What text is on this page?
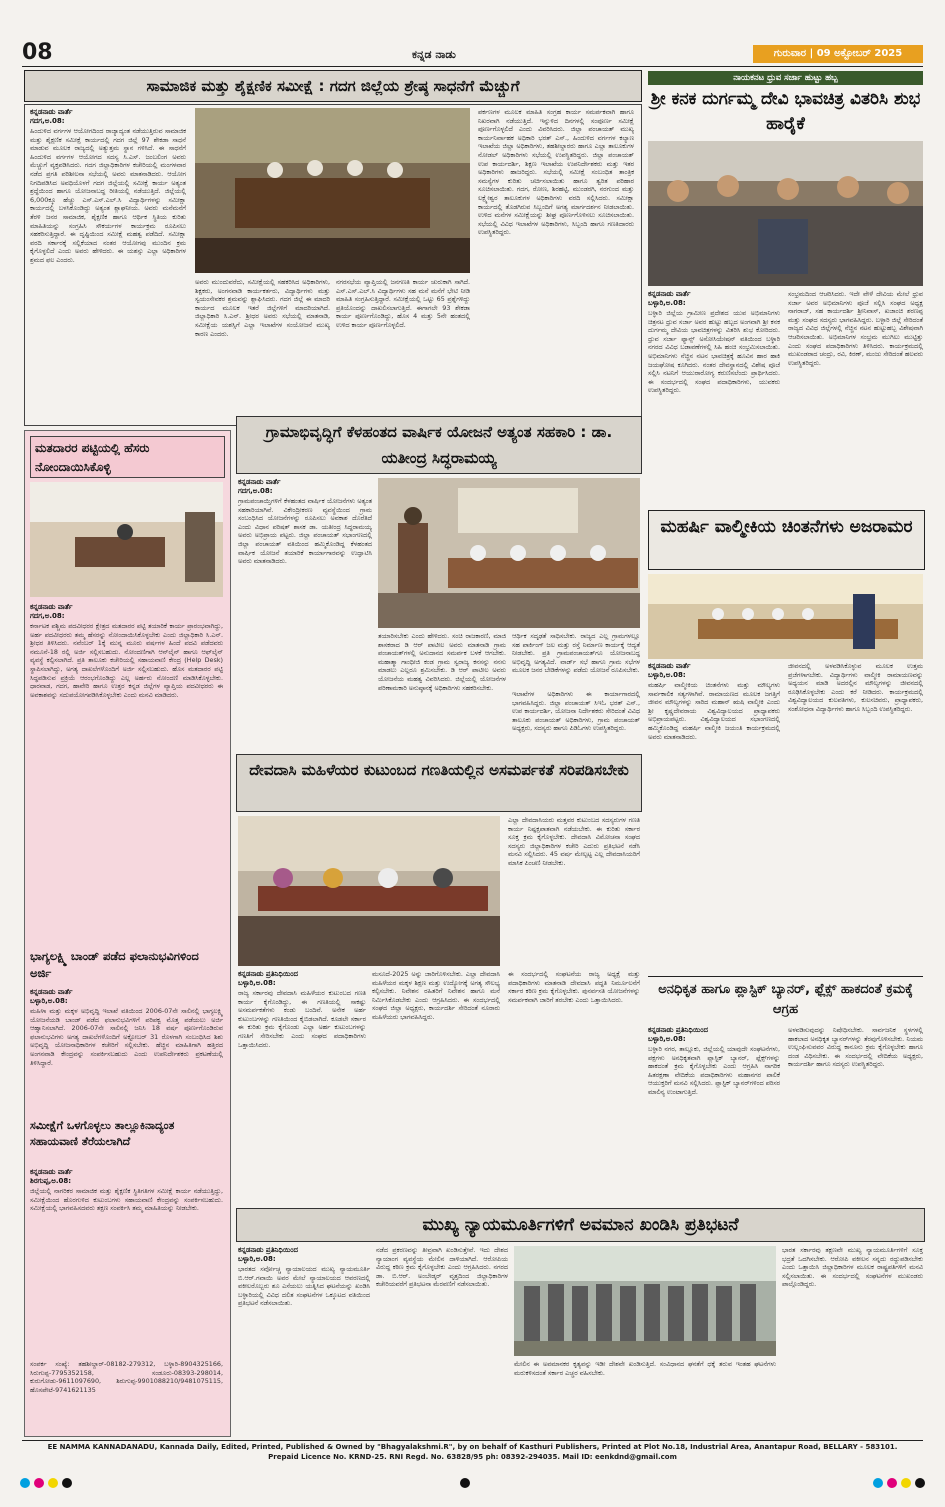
08	ಕನ್ನಡ ನಾಡು	ಗುರುವಾರ | 09 ಅಕ್ಟೋಬರ್ 2025
ಸಾಮಾಜಿಕ ಮತ್ತು ಶೈಕ್ಷಣಿಕ ಸಮೀಕ್ಷೆ : ಗದಗ ಜಿಲ್ಲೆಯ ಶ್ರೇಷ್ಠ ಸಾಧನೆಗೆ ಮೆಚ್ಚುಗೆ
ಕನ್ನಡನಾಡು ವಾರ್ತೆ
ಗದಗ,ಅ.08:
ಹಿಂದುಳಿದ ವರ್ಗಗಳ ಆಯೋಗದಿಂದ ರಾಜ್ಯಾದ್ಯಂತ ನಡೆಯುತ್ತಿರುವ ಸಾಮಾಜಿಕ ಮತ್ತು ಶೈಕ್ಷಣಿಕ ಸಮೀಕ್ಷೆ ಕಾರ್ಯದಲ್ಲಿ ಗದಗ ಜಿಲ್ಲೆ 97 ಶೇಕಡಾ ಸಾಧನೆ ಮಾಡುವ ಮೂಲಕ ರಾಜ್ಯದಲ್ಲಿ ಅತ್ಯುತ್ತಮ ಸ್ಥಾನ ಗಳಿಸಿದೆ. ಈ ಸಾಧನೆಗೆ ಹಿಂದುಳಿದ ವರ್ಗಗಳ ಆಯೋಗದ ಸದಸ್ಯ ಸಿ.ಎಸ್. ಜಂಬಲಿಂಗ ಅವರು ಮೆಚ್ಚುಗೆ ವ್ಯಕ್ತಪಡಿಸಿದರು. ಗದಗ ಜಿಲ್ಲಾಧಿಕಾರಿಗಳ ಕಚೇರಿಯಲ್ಲಿ ಮಂಗಳವಾರ ನಡೆದ ಪ್ರಗತಿ ಪರಿಶೀಲನಾ ಸಭೆಯಲ್ಲಿ ಅವರು ಮಾತನಾಡಿದರು. ಆಯೋಗ ನಿಗದಿಪಡಿಸಿದ ಅವಧಿಯೊಳಗೆ ಗದಗ ಜಿಲ್ಲೆಯಲ್ಲಿ ಸಮೀಕ್ಷೆ ಕಾರ್ಯ ಅತ್ಯಂತ ಶ್ರದ್ಧೆಯಿಂದ ಹಾಗೂ ಯೋಜನಾಬದ್ಧ ರೀತಿಯಲ್ಲಿ ನಡೆಯುತ್ತಿದೆ. ಜಿಲ್ಲೆಯಲ್ಲಿ 6,000ಕ್ಕೂ ಹೆಚ್ಚು ಎಸ್.ಎಸ್.ಎಲ್.ಸಿ ವಿದ್ಯಾರ್ಥಿಗಳನ್ನು ಸಮೀಕ್ಷಾ ಕಾರ್ಯದಲ್ಲಿ ಬಳಸಿಕೊಂಡಿದ್ದು ಅತ್ಯಂತ ಶ್ಲಾಘನೀಯ. ಅವರು ಮನೆಮನೆಗೆ ತೆರಳಿ ಜನರ ಸಾಮಾಜಿಕ, ಶೈಕ್ಷಣಿಕ ಹಾಗೂ ಆರ್ಥಿಕ ಸ್ಥಿತಿಯ ಕುರಿತು ಮಾಹಿತಿಯನ್ನು ಸಂಗ್ರಹಿಸಿ ಸೌಕರ್ಯಗಳ ಕಾರ್ಯಕ್ರಮ ರೂಪಿಸಲು ಸಹಕರಿಸುತ್ತಿದ್ದಾರೆ. ಈ ದೃಷ್ಟಿಯಿಂದ ಸಮೀಕ್ಷೆ ಮಹತ್ವ ಪಡೆದಿದೆ. ಸಮೀಕ್ಷಾ ವರದಿ ಸರ್ಕಾರಕ್ಕೆ ಸಲ್ಲಿಕೆಯಾದ ನಂತರ ಆಯೋಗವು ಮುಂದಿನ ಕ್ರಮ ಕೈಗೊಳ್ಳಲಿದೆ ಎಂದು ಅವರು ಹೇಳಿದರು. ಈ ಯಶಸ್ಸು ಎಲ್ಲಾ ಅಧಿಕಾರಿಗಳ ಶ್ರಮದ ಫಲ ಎಂದರು.
ಅವರು ಮುಂದುವರೆದು, ಸಮೀಕ್ಷೆಯಲ್ಲಿ ಸಹಕರಿಸಿದ ಅಧಿಕಾರಿಗಳು, ಶಿಕ್ಷಕರು, ಅಂಗನವಾಡಿ ಕಾರ್ಯಕರ್ತರು, ವಿದ್ಯಾರ್ಥಿಗಳು ಮತ್ತು ಸ್ವಯಂಸೇವಕರ ಶ್ರಮವನ್ನು ಶ್ಲಾಘಿಸಿದರು. ಗದಗ ಜಿಲ್ಲೆ ಈ ಮಾದರಿ ಕಾರ್ಯದ ಮೂಲಕ ಇತರೆ ಜಿಲ್ಲೆಗಳಿಗೆ ಮಾದರಿಯಾಗಿದೆ. ಜಿಲ್ಲಾಧಿಕಾರಿ ಸಿ.ಎನ್. ಶ್ರೀಧರ ಅವರು ಸಭೆಯಲ್ಲಿ ಮಾತನಾಡಿ, ಸಮೀಕ್ಷೆಯ ಯಶಸ್ಸಿಗೆ ಎಲ್ಲಾ ಇಲಾಖೆಗಳ ಸಂಯೋಜನೆ ಮುಖ್ಯ ಕಾರಣ ಎಂದರು.
ನಗರಸಭೆಯ ವ್ಯಾಪ್ತಿಯಲ್ಲಿ ಜನಗಣತಿ ಕಾರ್ಯ ಚುರುಕಾಗಿ ಸಾಗಿದೆ. ಎಸ್.ಎಸ್.ಎಲ್.ಸಿ ವಿದ್ಯಾರ್ಥಿಗಳು ಸಹ ಮನೆ ಮನೆಗೆ ಭೇಟಿ ನೀಡಿ ಮಾಹಿತಿ ಸಂಗ್ರಹಿಸುತ್ತಿದ್ದಾರೆ. ಸಮೀಕ್ಷೆಯಲ್ಲಿ ಒಟ್ಟು 65 ಪ್ರಶ್ನೆಗಳಿದ್ದು ಪ್ರತಿಯೊಂದನ್ನು ದಾಖಲಿಸಲಾಗುತ್ತಿದೆ. ಈಗಾಗಲೇ 93 ಶೇಕಡಾ ಕಾರ್ಯ ಪೂರ್ಣಗೊಂಡಿದ್ದು, ಹೊಸ 4 ಮತ್ತು 5ನೇ ಹಂತದಲ್ಲಿ ಉಳಿದ ಕಾರ್ಯ ಪೂರ್ಣಗೊಳ್ಳಲಿದೆ.
ಪರ್ಕಣಗಳ ಮೂಲಕ ಮಾಹಿತಿ ಸಂಗ್ರಹ ಕಾರ್ಯ ಸಮರ್ಪಕವಾಗಿ ಹಾಗೂ ನಿಖರವಾಗಿ ನಡೆಯುತ್ತಿದೆ. ಇನ್ನುಳಿದ ದಿನಗಳಲ್ಲಿ ಸಂಪೂರ್ಣ ಸಮೀಕ್ಷೆ ಪೂರ್ಣಗೊಳ್ಳಲಿದೆ ಎಂದು ವಿವರಿಸಿದರು. ಜಿಲ್ಲಾ ಪಂಚಾಯತ್ ಮುಖ್ಯ ಕಾರ್ಯನಿರ್ವಾಹಕ ಅಧಿಕಾರಿ ಭರತ್ ಎಸ್., ಹಿಂದುಳಿದ ವರ್ಗಗಳ ಕಲ್ಯಾಣ ಇಲಾಖೆಯ ಜಿಲ್ಲಾ ಅಧಿಕಾರಿಗಳು, ತಹಶೀಲ್ದಾರರು ಹಾಗೂ ಎಲ್ಲಾ ತಾಲೂಕುಗಳ ನೋಡಲ್ ಅಧಿಕಾರಿಗಳು ಸಭೆಯಲ್ಲಿ ಉಪಸ್ಥಿತರಿದ್ದರು. ಜಿಲ್ಲಾ ಪಂಚಾಯತ್ ಉಪ ಕಾರ್ಯದರ್ಶಿ, ಶಿಕ್ಷಣ ಇಲಾಖೆಯ ಉಪನಿರ್ದೇಶಕರು ಮತ್ತು ಇತರ ಅಧಿಕಾರಿಗಳು ಹಾಜರಿದ್ದರು. ಸಭೆಯಲ್ಲಿ ಸಮೀಕ್ಷೆ ಸಂಬಂಧಿತ ತಾಂತ್ರಿಕ ಸಮಸ್ಯೆಗಳ ಕುರಿತು ಚರ್ಚಿಸಲಾಯಿತು ಹಾಗೂ ತ್ವರಿತ ಪರಿಹಾರ ಸೂಚಿಸಲಾಯಿತು. ಗದಗ, ರೋಣ, ಶಿರಹಟ್ಟಿ, ಮುಂಡರಗಿ, ನರಗುಂದ ಮತ್ತು ಲಕ್ಷ್ಮೇಶ್ವರ ತಾಲೂಕುಗಳ ಅಧಿಕಾರಿಗಳು ವರದಿ ಸಲ್ಲಿಸಿದರು. ಸಮೀಕ್ಷಾ ಕಾರ್ಯದಲ್ಲಿ ತೊಡಗಿರುವ ಸಿಬ್ಬಂದಿಗೆ ಅಗತ್ಯ ಮಾರ್ಗದರ್ಶನ ನೀಡಲಾಯಿತು. ಉಳಿದ ಮನೆಗಳ ಸಮೀಕ್ಷೆಯನ್ನು ಶೀಘ್ರ ಪೂರ್ಣಗೊಳಿಸಲು ಸೂಚಿಸಲಾಯಿತು. ಸಭೆಯಲ್ಲಿ ವಿವಿಧ ಇಲಾಖೆಗಳ ಅಧಿಕಾರಿಗಳು, ಸಿಬ್ಬಂದಿ ಹಾಗೂ ಗಣತಿದಾರರು ಉಪಸ್ಥಿತರಿದ್ದರು.
ನಾಯಕನಟ ಧ್ರುವ ಸರ್ಜಾ ಹುಟ್ಟು ಹಬ್ಬ
ಶ್ರೀ ಕನಕ ದುರ್ಗಮ್ಮ ದೇವಿ ಭಾವಚಿತ್ರ ವಿತರಿಸಿ ಶುಭ ಹಾರೈಕೆ
ಕನ್ನಡನಾಡು ವಾರ್ತೆ
ಬಳ್ಳಾರಿ,ಅ.08:
ಬಳ್ಳಾರಿ ಜಿಲ್ಲೆಯ ಗ್ರಾಮೀಣ ಪ್ರದೇಶದ ಯುವ ಅಭಿಮಾನಿಗಳು ಚಿತ್ರನಟ ಧ್ರುವ ಸರ್ಜಾ ಅವರ ಹುಟ್ಟು ಹಬ್ಬದ ಅಂಗವಾಗಿ ಶ್ರೀ ಕನಕ ದುರ್ಗಮ್ಮ ದೇವಿಯ ಭಾವಚಿತ್ರಗಳನ್ನು ವಿತರಿಸಿ ಶುಭ ಕೋರಿದರು. ಧ್ರುವ ಸರ್ಜಾ ಫ್ಯಾನ್ಸ್ ಅಸೋಸಿಯೇಷನ್ ವತಿಯಿಂದ ಬಳ್ಳಾರಿ ನಗರದ ವಿವಿಧ ಬಡಾವಣೆಗಳಲ್ಲಿ ಸಿಹಿ ಹಂಚಿ ಸಂಭ್ರಮಿಸಲಾಯಿತು. ಅಭಿಮಾನಿಗಳು ನೆಚ್ಚಿನ ನಟನ ಭಾವಚಿತ್ರಕ್ಕೆ ಹೂವಿನ ಹಾರ ಹಾಕಿ ಜಯಘೋಷ ಕೂಗಿದರು. ನಂತರ ದೇವಸ್ಥಾನದಲ್ಲಿ ವಿಶೇಷ ಪೂಜೆ ಸಲ್ಲಿಸಿ ನಟನಿಗೆ ಆಯುರಾರೋಗ್ಯ ಕರುಣಿಸಲೆಂದು ಪ್ರಾರ್ಥಿಸಿದರು. ಈ ಸಂದರ್ಭದಲ್ಲಿ ಸಂಘದ ಪದಾಧಿಕಾರಿಗಳು, ಯುವಕರು ಉಪಸ್ಥಿತರಿದ್ದರು.
ಸಂಭ್ರಮದಿಂದ ಆಚರಿಸಿದರು. ಇದೇ ವೇಳೆ ದೇವಿಯ ಮೇಲೆ ಧ್ರುವ ಸರ್ಜಾ ಅವರ ಅಭಿಮಾನಿಗಳು ಪೂಜೆ ಸಲ್ಲಿಸಿ ಸಂಘದ ಅಧ್ಯಕ್ಷ ನಾಗರಾಜ್, ಸಹ ಕಾರ್ಯದರ್ಶಿ ಶ್ರೀನಿವಾಸ್, ಖಜಾಂಚಿ ಶರಣಪ್ಪ ಮತ್ತು ಸಂಘದ ಸದಸ್ಯರು ಭಾಗವಹಿಸಿದ್ದರು. ಬಳ್ಳಾರಿ ಜಿಲ್ಲೆ ಸೇರಿದಂತೆ ರಾಜ್ಯದ ವಿವಿಧ ಜಿಲ್ಲೆಗಳಲ್ಲಿ ನೆಚ್ಚಿನ ನಟನ ಹುಟ್ಟುಹಬ್ಬ ವಿಶೇಷವಾಗಿ ಆಚರಿಸಲಾಯಿತು. ಅಭಿಮಾನಿಗಳ ಸಂಭ್ರಮ ಮುಗಿಲು ಮುಟ್ಟಿತ್ತು ಎಂದು ಸಂಘದ ಪದಾಧಿಕಾರಿಗಳು ತಿಳಿಸಿದರು. ಕಾರ್ಯಕ್ರಮದಲ್ಲಿ ಮುಖಂಡರಾದ ಚಂದ್ರು, ರವಿ, ಕಿರಣ್, ಮಂಜು ಸೇರಿದಂತೆ ಹಲವರು ಉಪಸ್ಥಿತರಿದ್ದರು.
ಮತದಾರರ ಪಟ್ಟಿಯಲ್ಲಿ ಹೆಸರು ನೋಂದಾಯಿಸಿಕೊಳ್ಳಿ
ಕನ್ನಡನಾಡು ವಾರ್ತೆ
ಗದಗ,ಅ.08:
ಕರ್ನಾಟಕ ಪಶ್ಚಿಮ ಪದವೀಧರರ ಕ್ಷೇತ್ರದ ಮತದಾರರ ಪಟ್ಟಿ ತಯಾರಿಕೆ ಕಾರ್ಯ ಪ್ರಾರಂಭವಾಗಿದ್ದು, ಅರ್ಹ ಪದವೀಧರರು ತಮ್ಮ ಹೆಸರನ್ನು ನೋಂದಾಯಿಸಿಕೊಳ್ಳಬೇಕು ಎಂದು ಜಿಲ್ಲಾಧಿಕಾರಿ ಸಿ.ಎನ್. ಶ್ರೀಧರ ತಿಳಿಸಿದರು. ನವೆಂಬರ್ 1ಕ್ಕೆ ಮುನ್ನ ಮೂರು ವರ್ಷಗಳ ಹಿಂದೆ ಪದವಿ ಪಡೆದವರು ನಮೂನೆ-18 ರಲ್ಲಿ ಅರ್ಜಿ ಸಲ್ಲಿಸಬಹುದು. ನೋಂದಣಿಗಾಗಿ ಆನ್‌ಲೈನ್ ಹಾಗೂ ಆಫ್‌ಲೈನ್ ವ್ಯವಸ್ಥೆ ಕಲ್ಪಿಸಲಾಗಿದೆ. ಪ್ರತಿ ತಾಲೂಕು ಕಚೇರಿಯಲ್ಲಿ ಸಹಾಯವಾಣಿ ಕೇಂದ್ರ (Help Desk) ಸ್ಥಾಪಿಸಲಾಗಿದ್ದು, ಅಗತ್ಯ ದಾಖಲೆಗಳೊಂದಿಗೆ ಅರ್ಜಿ ಸಲ್ಲಿಸಬಹುದು. ಹೊಸ ಮತದಾರರ ಪಟ್ಟಿ ಸಿದ್ಧಪಡಿಸುವ ಪ್ರಕ್ರಿಯೆ ಆರಂಭಗೊಂಡಿದ್ದು ಎಲ್ಲ ಅರ್ಹರು ನೋಂದಣಿ ಮಾಡಿಸಿಕೊಳ್ಳಬೇಕು. ಧಾರವಾಡ, ಗದಗ, ಹಾವೇರಿ ಹಾಗೂ ಉತ್ತರ ಕನ್ನಡ ಜಿಲ್ಲೆಗಳ ವ್ಯಾಪ್ತಿಯ ಪದವೀಧರರು ಈ ಅವಕಾಶವನ್ನು ಸದುಪಯೋಗಪಡಿಸಿಕೊಳ್ಳಬೇಕು ಎಂದು ಮನವಿ ಮಾಡಿದರು.
ಭಾಗ್ಯಲಕ್ಷ್ಮಿ ಬಾಂಡ್ ಪಡೆದ ಫಲಾನುಭವಿಗಳಿಂದ ಅರ್ಜಿ
ಕನ್ನಡನಾಡು ವಾರ್ತೆ
ಬಳ್ಳಾರಿ,ಅ.08:
ಮಹಿಳಾ ಮತ್ತು ಮಕ್ಕಳ ಅಭಿವೃದ್ಧಿ ಇಲಾಖೆ ವತಿಯಿಂದ 2006-07ನೇ ಸಾಲಿನಲ್ಲಿ ಭಾಗ್ಯಲಕ್ಷ್ಮಿ ಯೋಜನೆಯಡಿ ಬಾಂಡ್ ಪಡೆದ ಫಲಾನುಭವಿಗಳಿಗೆ ಪರಿಪಕ್ವ ಮೊತ್ತ ಪಡೆಯಲು ಅರ್ಜಿ ಆಹ್ವಾನಿಸಲಾಗಿದೆ. 2006-07ನೇ ಸಾಲಿನಲ್ಲಿ ಜನಿಸಿ 18 ವರ್ಷ ಪೂರ್ಣಗೊಂಡಿರುವ ಫಲಾನುಭವಿಗಳು ಅಗತ್ಯ ದಾಖಲೆಗಳೊಂದಿಗೆ ಅಕ್ಟೋಬರ್ 31 ರೊಳಗಾಗಿ ಸಂಬಂಧಿಸಿದ ಶಿಶು ಅಭಿವೃದ್ಧಿ ಯೋಜನಾಧಿಕಾರಿಗಳ ಕಚೇರಿಗೆ ಸಲ್ಲಿಸಬೇಕು. ಹೆಚ್ಚಿನ ಮಾಹಿತಿಗಾಗಿ ಹತ್ತಿರದ ಅಂಗನವಾಡಿ ಕೇಂದ್ರವನ್ನು ಸಂಪರ್ಕಿಸಬಹುದು ಎಂದು ಉಪನಿರ್ದೇಶಕರು ಪ್ರಕಟಣೆಯಲ್ಲಿ ತಿಳಿಸಿದ್ದಾರೆ.
ಸಮೀಕ್ಷೆಗೆ ಒಳಗೊಳ್ಳಲು ತಾಲ್ಲೂಕಿನಾದ್ಯಂತ ಸಹಾಯವಾಣಿ ತೆರೆಯಲಾಗಿದೆ
ಕನ್ನಡನಾಡು ವಾರ್ತೆ
ಶಿರಗುಪ್ಪ,ಅ.08:
ಜಿಲ್ಲೆಯಲ್ಲಿ ನಾಗರಿಕರ ಸಾಮಾಜಿಕ ಮತ್ತು ಶೈಕ್ಷಣಿಕ ಸ್ಥಿತಿಗತಿಗಳ ಸಮೀಕ್ಷೆ ಕಾರ್ಯ ನಡೆಯುತ್ತಿದ್ದು, ಸಮೀಕ್ಷೆಯಿಂದ ಹೊರಗುಳಿದ ಕುಟುಂಬಗಳು ಸಹಾಯವಾಣಿ ಕೇಂದ್ರವನ್ನು ಸಂಪರ್ಕಿಸಬಹುದು. ಸಮೀಕ್ಷೆಯಲ್ಲಿ ಭಾಗವಹಿಸದವರು ತಕ್ಷಣ ಸಂಪರ್ಕಿಸಿ ತಮ್ಮ ಮಾಹಿತಿಯನ್ನು ನೀಡಬೇಕು.
ಸಂಪರ್ಕ ಸಂಖ್ಯೆ: ತಹಶೀಲ್ದಾರ್-08182-279312, ಬಳ್ಳಾರಿ-8904325166, ಸಿರುಗುಪ್ಪ-7795352158, ಸಂಡೂರು-08393-298014, ಕುರುಗೋಡು-9611097690, ಶಿರುಗುಪ್ಪ-9901088210/9481075115, ಹೊಸಪೇಟೆ-9741621135
ಗ್ರಾಮಾಭಿವೃದ್ಧಿಗೆ ಕೆಳಹಂತದ ವಾರ್ಷಿಕ ಯೋಜನೆ ಅತ್ಯಂತ ಸಹಕಾರಿ : ಡಾ. ಯತೀಂದ್ರ ಸಿದ್ಧರಾಮಯ್ಯ
ಕನ್ನಡನಾಡು ವಾರ್ತೆ
ಗದಗ,ಅ.08:
ಗ್ರಾಮಪಂಚಾಯ್ತಿಗಳಿಗೆ ಕೆಳಹಂತದ ವಾರ್ಷಿಕ ಯೋಜನೆಗಳು ಅತ್ಯಂತ ಸಹಕಾರಿಯಾಗಿವೆ. ವಿಕೇಂದ್ರೀಕರಣ ವ್ಯವಸ್ಥೆಯಿಂದ ಗ್ರಾಮ ಸಂಬಂಧಿಸಿದ ಯೋಜನೆಗಳನ್ನು ರೂಪಿಸಲು ಅವಕಾಶ ದೊರೆತಿದೆ ಎಂದು ವಿಧಾನ ಪರಿಷತ್ ಶಾಸಕ ಡಾ. ಯತೀಂದ್ರ ಸಿದ್ಧರಾಮಯ್ಯ ಅವರು ಅಭಿಪ್ರಾಯ ಪಟ್ಟರು. ಜಿಲ್ಲಾ ಪಂಚಾಯತ್ ಸಭಾಂಗಣದಲ್ಲಿ ಜಿಲ್ಲಾ ಪಂಚಾಯತ್ ವತಿಯಿಂದ ಹಮ್ಮಿಕೊಂಡಿದ್ದ ಕೆಳಹಂತದ ವಾರ್ಷಿಕ ಯೋಜನೆ ತಯಾರಿಕೆ ಕಾರ್ಯಾಗಾರವನ್ನು ಉದ್ಘಾಟಿಸಿ ಅವರು ಮಾತನಾಡಿದರು.
ತಯಾರಿಸಬೇಕು ಎಂದು ಹೇಳಿದರು. ಸಂಚಿ ರಾಜಕಾರಣಿ, ಮಾಜಿ ಶಾಸಕರಾದ ಡಿ ಆರ್ ಪಾಟೀಲ ಅವರು ಮಾತನಾಡಿ ಗ್ರಾಮ ಪಂಚಾಯತ್‌ಗಳಲ್ಲಿ ಅನುದಾನದ ಸಮರ್ಪಕ ಬಳಕೆ ಆಗಬೇಕು. ಮಹಾತ್ಮಾ ಗಾಂಧೀಜಿ ಕಂಡ ಗ್ರಾಮ ಸ್ವರಾಜ್ಯ ಕನಸನ್ನು ನನಸು ಮಾಡಲು ಎಲ್ಲರೂ ಶ್ರಮಿಸಬೇಕು. ಡಿ ಆರ್ ಪಾಟೀಲ ಅವರು ಯೋಜನೆಯ ಮಹತ್ವ ವಿವರಿಸಿದರು. ಜಿಲ್ಲೆಯಲ್ಲಿ ಯೋಜನೆಗಳ ಪರಿಣಾಮಕಾರಿ ಅನುಷ್ಠಾನಕ್ಕೆ ಅಧಿಕಾರಿಗಳು ಸಹಕರಿಸಬೇಕು.
ಆರ್ಥಿಕ ಸದೃಢತೆ ಸಾಧಿಸಬೇಕು. ರಾಜ್ಯದ ಎಲ್ಲ ಗ್ರಾಮಗಳಲ್ಲೂ ಸಹ ಪಾರ್ಕಿಂಗ್ ಜಲ ಮತ್ತು ರಸ್ತೆ ನಿರ್ಮಾಣ ಕಾರ್ಯಕ್ಕೆ ಆದ್ಯತೆ ನೀಡಬೇಕು. ಪ್ರತಿ ಗ್ರಾಮಪಂಚಾಯತ್‌ಗೂ ಯೋಜನಾಬದ್ಧ ಅಭಿವೃದ್ಧಿ ಅಗತ್ಯವಿದೆ. ವಾರ್ಡ್ ಸಭೆ ಹಾಗೂ ಗ್ರಾಮ ಸಭೆಗಳ ಮೂಲಕ ಜನರ ಬೇಡಿಕೆಗಳನ್ನು ಪಡೆದು ಯೋಜನೆ ರೂಪಿಸಬೇಕು.
ಇಲಾಖೆಗಳ ಅಧಿಕಾರಿಗಳು ಈ ಕಾರ್ಯಾಗಾರದಲ್ಲಿ ಭಾಗವಹಿಸಿದ್ದರು. ಜಿಲ್ಲಾ ಪಂಚಾಯತ್ ಸಿಇಓ ಭರತ್ ಎಸ್., ಉಪ ಕಾರ್ಯದರ್ಶಿ, ಯೋಜನಾ ನಿರ್ದೇಶಕರು ಸೇರಿದಂತೆ ವಿವಿಧ ತಾಲೂಕು ಪಂಚಾಯತ್ ಅಧಿಕಾರಿಗಳು, ಗ್ರಾಮ ಪಂಚಾಯತ್ ಅಧ್ಯಕ್ಷರು, ಸದಸ್ಯರು ಹಾಗೂ ಪಿಡಿಓಗಳು ಉಪಸ್ಥಿತರಿದ್ದರು.
ಮಹರ್ಷಿ ವಾಲ್ಮೀಕಿಯ ಚಿಂತನೆಗಳು ಅಜರಾಮರ
ಕನ್ನಡನಾಡು ವಾರ್ತೆ
ಬಳ್ಳಾರಿ,ಅ.08:
ಮಹರ್ಷಿ ವಾಲ್ಮೀಕಿಯ ಚಿಂತನೆಗಳು ಮತ್ತು ಮೌಲ್ಯಗಳು ಸಾರ್ವಕಾಲಿಕ ಸತ್ಯಗಳಾಗಿವೆ. ರಾಮಾಯಣದ ಮೂಲಕ ಜಗತ್ತಿಗೆ ಜೀವನ ಮೌಲ್ಯಗಳನ್ನು ಸಾರಿದ ಮಹಾನ್ ಋಷಿ ವಾಲ್ಮೀಕಿ ಎಂದು ಶ್ರೀ ಕೃಷ್ಣದೇವರಾಯ ವಿಶ್ವವಿದ್ಯಾಲಯದ ಪ್ರಾಧ್ಯಾಪಕರು ಅಭಿಪ್ರಾಯಪಟ್ಟರು. ವಿಶ್ವವಿದ್ಯಾಲಯದ ಸಭಾಂಗಣದಲ್ಲಿ ಹಮ್ಮಿಕೊಂಡಿದ್ದ ಮಹರ್ಷಿ ವಾಲ್ಮೀಕಿ ಜಯಂತಿ ಕಾರ್ಯಕ್ರಮದಲ್ಲಿ ಅವರು ಮಾತನಾಡಿದರು.
ಜೀವನದಲ್ಲಿ ಅಳವಡಿಸಿಕೊಳ್ಳುವ ಮೂಲಕ ಉತ್ತಮ ಪ್ರಜೆಗಳಾಗಬೇಕು. ವಿದ್ಯಾರ್ಥಿಗಳು ವಾಲ್ಮೀಕಿ ರಾಮಾಯಣವನ್ನು ಅಧ್ಯಯನ ಮಾಡಿ ಅದರಲ್ಲಿನ ಮೌಲ್ಯಗಳನ್ನು ಜೀವನದಲ್ಲಿ ರೂಢಿಸಿಕೊಳ್ಳಬೇಕು ಎಂದು ಕರೆ ನೀಡಿದರು. ಕಾರ್ಯಕ್ರಮದಲ್ಲಿ ವಿಶ್ವವಿದ್ಯಾಲಯದ ಕುಲಪತಿಗಳು, ಕುಲಸಚಿವರು, ಪ್ರಾಧ್ಯಾಪಕರು, ಸಂಶೋಧನಾ ವಿದ್ಯಾರ್ಥಿಗಳು ಹಾಗೂ ಸಿಬ್ಬಂದಿ ಉಪಸ್ಥಿತರಿದ್ದರು.
ದೇವದಾಸಿ ಮಹಿಳೆಯರ ಕುಟುಂಬದ ಗಣತಿಯಲ್ಲಿನ ಅಸಮರ್ಪಕತೆ ಸರಿಪಡಿಸಬೇಕು
ಎಲ್ಲಾ ದೇವದಾಸಿಯರು ಮತ್ತವರ ಕುಟುಂಬದ ಸದಸ್ಯರುಗಳ ಗಣತಿ ಕಾರ್ಯ ನಿಷ್ಪಕ್ಷಪಾತವಾಗಿ ನಡೆಯಬೇಕು. ಈ ಕುರಿತು ಸರ್ಕಾರ ಸೂಕ್ತ ಕ್ರಮ ಕೈಗೊಳ್ಳಬೇಕು. ದೇವದಾಸಿ ವಿಮೋಚನಾ ಸಂಘದ ಸದಸ್ಯರು ಜಿಲ್ಲಾಧಿಕಾರಿಗಳ ಕಚೇರಿ ಎದುರು ಪ್ರತಿಭಟನೆ ನಡೆಸಿ ಮನವಿ ಸಲ್ಲಿಸಿದರು. 45 ವರ್ಷ ಮೇಲ್ಪಟ್ಟ ಎಲ್ಲ ದೇವದಾಸಿಯರಿಗೆ ಮಾಸಿಕ ಪಿಂಚಣಿ ನೀಡಬೇಕು.
ಕನ್ನಡನಾಡು ಪ್ರತಿನಿಧಿಯಿಂದ
ಬಳ್ಳಾರಿ,ಅ.08:
ರಾಜ್ಯ ಸರ್ಕಾರವು ದೇವದಾಸಿ ಮಹಿಳೆಯರ ಕುಟುಂಬದ ಗಣತಿ ಕಾರ್ಯ ಕೈಗೊಂಡಿದ್ದು, ಈ ಗಣತಿಯಲ್ಲಿ ಸಾಕಷ್ಟು ಅಸಮರ್ಪಕತೆಗಳು ಕಂಡು ಬಂದಿವೆ. ಅನೇಕ ಅರ್ಹ ಕುಟುಂಬಗಳನ್ನು ಗಣತಿಯಿಂದ ಕೈಬಿಡಲಾಗಿದೆ. ಕೂಡಲೇ ಸರ್ಕಾರ ಈ ಕುರಿತು ಕ್ರಮ ಕೈಗೊಂಡು ಎಲ್ಲಾ ಅರ್ಹ ಕುಟುಂಬಗಳನ್ನು ಗಣತಿಗೆ ಸೇರಿಸಬೇಕು ಎಂದು ಸಂಘದ ಪದಾಧಿಕಾರಿಗಳು ಒತ್ತಾಯಿಸಿದರು.
ಮಸೂದೆ-2025 ಅನ್ನು ಜಾರಿಗೊಳಿಸಬೇಕು. ಎಲ್ಲಾ ದೇವದಾಸಿ ಮಹಿಳೆಯರ ಮಕ್ಕಳ ಶಿಕ್ಷಣ ಮತ್ತು ಉದ್ಯೋಗಕ್ಕೆ ಅಗತ್ಯ ಸೌಲಭ್ಯ ಕಲ್ಪಿಸಬೇಕು. ನಿವೇಶನ ರಹಿತರಿಗೆ ನಿವೇಶನ ಹಾಗೂ ಮನೆ ನಿರ್ಮಿಸಿಕೊಡಬೇಕು ಎಂದು ಆಗ್ರಹಿಸಿದರು. ಈ ಸಂದರ್ಭದಲ್ಲಿ ಸಂಘದ ಜಿಲ್ಲಾ ಅಧ್ಯಕ್ಷರು, ಕಾರ್ಯದರ್ಶಿ ಸೇರಿದಂತೆ ನೂರಾರು ಮಹಿಳೆಯರು ಭಾಗವಹಿಸಿದ್ದರು.
ಈ ಸಂದರ್ಭದಲ್ಲಿ ಸಂಘಟನೆಯ ರಾಜ್ಯ ಅಧ್ಯಕ್ಷೆ ಮತ್ತು ಪದಾಧಿಕಾರಿಗಳು ಮಾತನಾಡಿ ದೇವದಾಸಿ ಪದ್ಧತಿ ನಿರ್ಮೂಲನೆಗೆ ಸರ್ಕಾರ ಕಠಿಣ ಕ್ರಮ ಕೈಗೊಳ್ಳಬೇಕು. ಪುನರ್ವಸತಿ ಯೋಜನೆಗಳನ್ನು ಸಮರ್ಪಕವಾಗಿ ಜಾರಿಗೆ ತರಬೇಕು ಎಂದು ಒತ್ತಾಯಿಸಿದರು.
ಅನಧಿಕೃತ ಹಾಗೂ ಪ್ಲಾಸ್ಟಿಕ್ ಬ್ಯಾನರ್, ಫ್ಲೆಕ್ಸ್ ಹಾಕದಂತೆ ಕ್ರಮಕ್ಕೆ ಆಗ್ರಹ
ಕನ್ನಡನಾಡು ಪ್ರತಿನಿಧಿಯಿಂದ
ಬಳ್ಳಾರಿ,ಅ.08:
ಬಳ್ಳಾರಿ ನಗರ, ತಾಲ್ಲೂಕು, ಜಿಲ್ಲೆಯಲ್ಲಿ ಯಾವುದೇ ಸಂಘಟನೆಗಳು, ಪಕ್ಷಗಳು ಅನಧಿಕೃತವಾಗಿ ಪ್ಲಾಸ್ಟಿಕ್ ಬ್ಯಾನರ್, ಫ್ಲೆಕ್ಸ್‌ಗಳನ್ನು ಹಾಕದಂತೆ ಕ್ರಮ ಕೈಗೊಳ್ಳಬೇಕು ಎಂದು ಆಗ್ರಹಿಸಿ ನಾಗರಿಕ ಹಿತರಕ್ಷಣಾ ವೇದಿಕೆಯ ಪದಾಧಿಕಾರಿಗಳು ಮಹಾನಗರ ಪಾಲಿಕೆ ಆಯುಕ್ತರಿಗೆ ಮನವಿ ಸಲ್ಲಿಸಿದರು. ಪ್ಲಾಸ್ಟಿಕ್ ಬ್ಯಾನರ್‌ಗಳಿಂದ ಪರಿಸರ ಮಾಲಿನ್ಯ ಉಂಟಾಗುತ್ತಿದೆ.
ಅಳವಡಿಸುವುದನ್ನು ನಿಷೇಧಿಸಬೇಕು. ಸಾರ್ವಜನಿಕ ಸ್ಥಳಗಳಲ್ಲಿ ಹಾಕಲಾದ ಅನಧಿಕೃತ ಬ್ಯಾನರ್‌ಗಳನ್ನು ತೆರವುಗೊಳಿಸಬೇಕು. ನಿಯಮ ಉಲ್ಲಂಘಿಸುವವರ ವಿರುದ್ಧ ಕಾನೂನು ಕ್ರಮ ಕೈಗೊಳ್ಳಬೇಕು ಹಾಗೂ ದಂಡ ವಿಧಿಸಬೇಕು. ಈ ಸಂದರ್ಭದಲ್ಲಿ ವೇದಿಕೆಯ ಅಧ್ಯಕ್ಷರು, ಕಾರ್ಯದರ್ಶಿ ಹಾಗೂ ಸದಸ್ಯರು ಉಪಸ್ಥಿತರಿದ್ದರು.
ಮುಖ್ಯ ನ್ಯಾಯಮೂರ್ತಿಗಳಿಗೆ ಅವಮಾನ ಖಂಡಿಸಿ ಪ್ರತಿಭಟನೆ
ಕನ್ನಡನಾಡು ಪ್ರತಿನಿಧಿಯಿಂದ
ಬಳ್ಳಾರಿ,ಅ.08:
ಭಾರತದ ಸರ್ವೋಚ್ಚ ನ್ಯಾಯಾಲಯದ ಮುಖ್ಯ ನ್ಯಾಯಮೂರ್ತಿ ಬಿ.ಆರ್.ಗವಾಯಿ ಅವರ ಮೇಲೆ ನ್ಯಾಯಾಲಯದ ಆವರಣದಲ್ಲಿ ವಕೀಲರೊಬ್ಬರು ಶೂ ಎಸೆಯಲು ಯತ್ನಿಸಿದ ಘಟನೆಯನ್ನು ಖಂಡಿಸಿ ಬಳ್ಳಾರಿಯಲ್ಲಿ ವಿವಿಧ ದಲಿತ ಸಂಘಟನೆಗಳ ಒಕ್ಕೂಟದ ವತಿಯಿಂದ ಪ್ರತಿಭಟನೆ ನಡೆಸಲಾಯಿತು.
ನಡೆದ ಪ್ರಕರಣವನ್ನು ತೀವ್ರವಾಗಿ ಖಂಡಿಸುತ್ತೇವೆ. ಇದು ದೇಶದ ನ್ಯಾಯಾಂಗ ವ್ಯವಸ್ಥೆಯ ಮೇಲಿನ ದಾಳಿಯಾಗಿದೆ. ಆರೋಪಿಯ ವಿರುದ್ಧ ಕಠಿಣ ಕ್ರಮ ಕೈಗೊಳ್ಳಬೇಕು ಎಂದು ಆಗ್ರಹಿಸಿದರು. ನಗರದ ಡಾ. ಬಿ.ಆರ್. ಅಂಬೇಡ್ಕರ್ ವೃತ್ತದಿಂದ ಜಿಲ್ಲಾಧಿಕಾರಿಗಳ ಕಚೇರಿಯವರೆಗೆ ಪ್ರತಿಭಟನಾ ಮೆರವಣಿಗೆ ನಡೆಸಲಾಯಿತು.
ಮೇಲಿನ ಈ ಅವಮಾನಕರ ಕೃತ್ಯವನ್ನು ಇಡೀ ದೇಶವೇ ಖಂಡಿಸುತ್ತಿದೆ. ಸಂವಿಧಾನದ ಘನತೆಗೆ ಧಕ್ಕೆ ತರುವ ಇಂತಹ ಘಟನೆಗಳು ಮರುಕಳಿಸದಂತೆ ಸರ್ಕಾರ ಎಚ್ಚರ ವಹಿಸಬೇಕು.
ಭಾರತ ಸರ್ಕಾರವು ತಕ್ಷಣವೇ ಮುಖ್ಯ ನ್ಯಾಯಮೂರ್ತಿಗಳಿಗೆ ಸೂಕ್ತ ಭದ್ರತೆ ಒದಗಿಸಬೇಕು. ಆರೋಪಿ ವಕೀಲನ ಸನ್ನದು ರದ್ದುಪಡಿಸಬೇಕು ಎಂದು ಒತ್ತಾಯಿಸಿ ಜಿಲ್ಲಾಧಿಕಾರಿಗಳ ಮೂಲಕ ರಾಷ್ಟ್ರಪತಿಗಳಿಗೆ ಮನವಿ ಸಲ್ಲಿಸಲಾಯಿತು. ಈ ಸಂದರ್ಭದಲ್ಲಿ ಸಂಘಟನೆಗಳ ಮುಖಂಡರು ಪಾಲ್ಗೊಂಡಿದ್ದರು.
EE NAMMA KANNADANADU, Kannada Daily, Edited, Printed, Published & Owned by "Bhagyalakshmi.R", by on behalf of Kasthuri Publishers, Printed at Plot No.18, Industrial Area, Anantapur Road, BELLARY - 583101.
Prepaid Licence No. KRND-25. RNI Regd. No. 63828/95 ph: 08392-294035. Mail ID: eenkdnd@gmail.com
